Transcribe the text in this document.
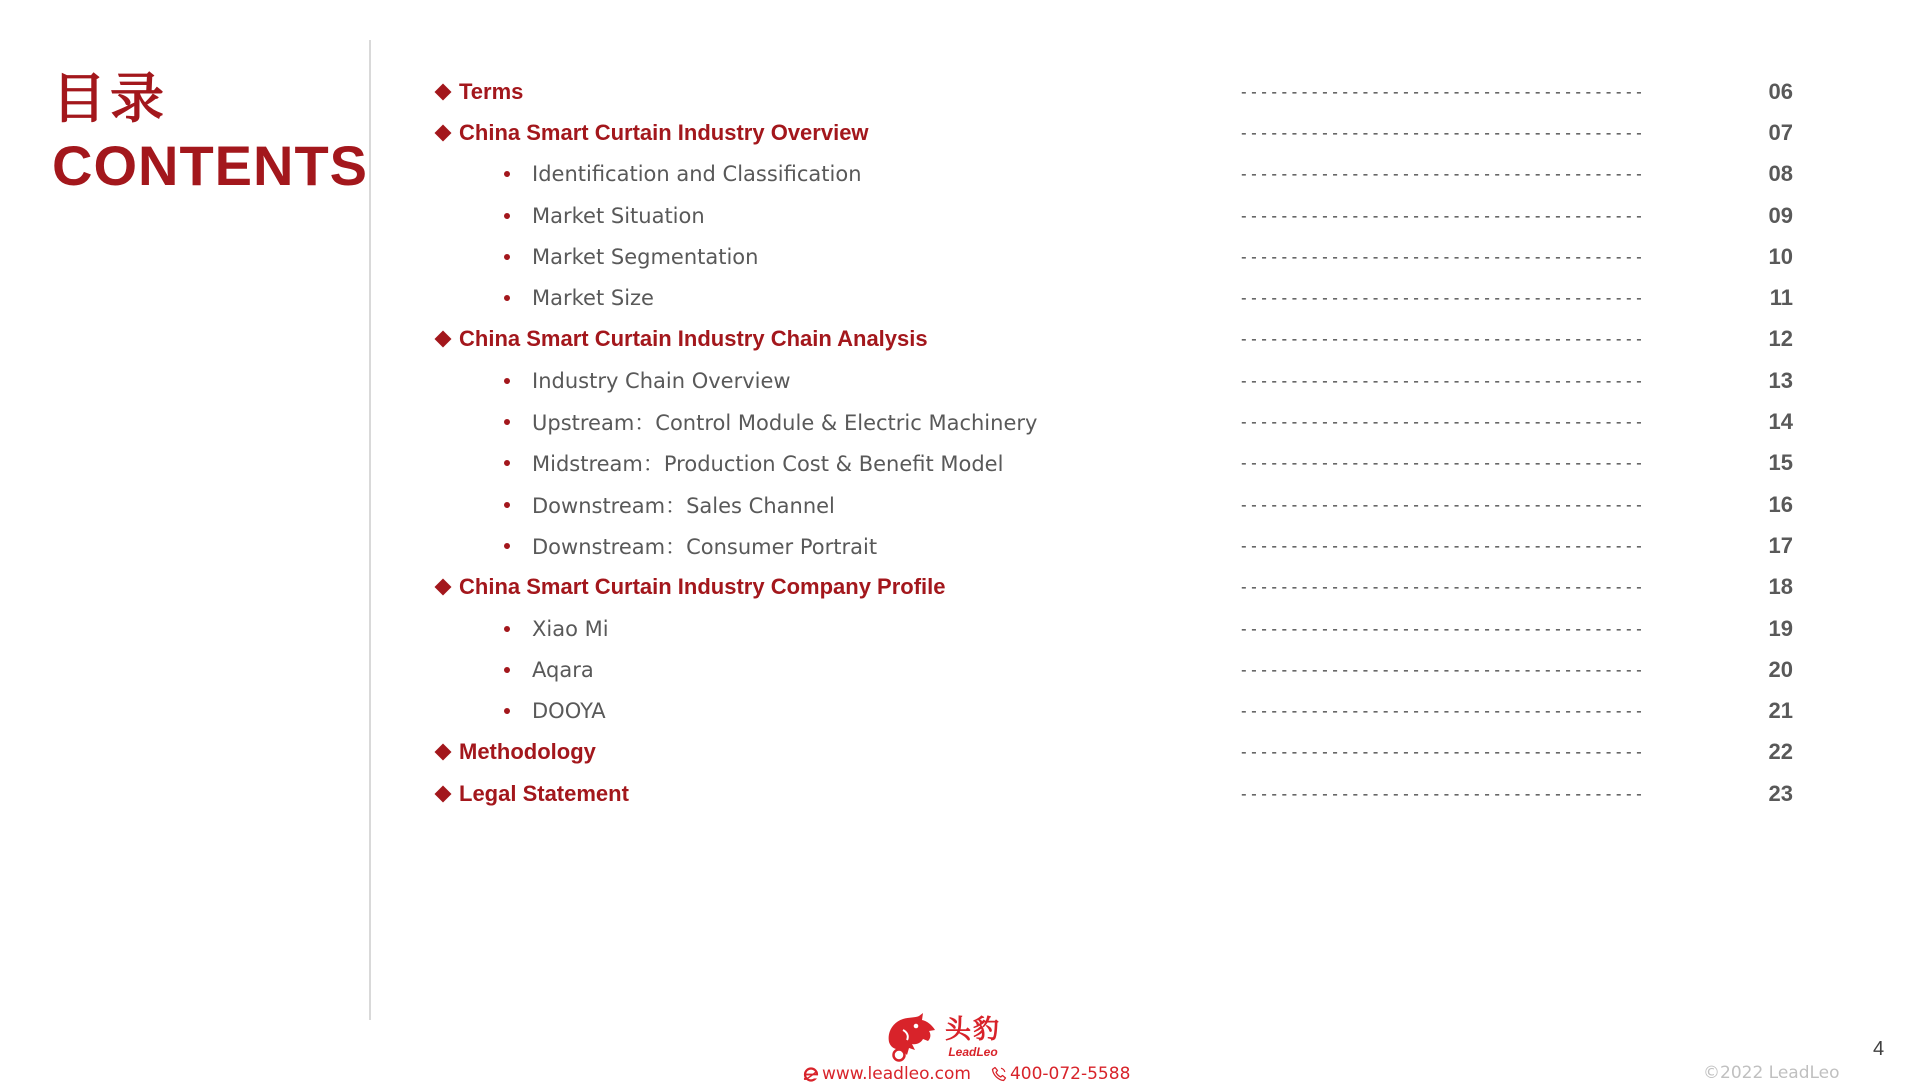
目录
CONTENTS
Terms	----------------------------------------	06
China Smart Curtain Industry Overview	----------------------------------------	07
Identification and Classification	----------------------------------------	08
Market Situation	----------------------------------------	09
Market Segmentation	----------------------------------------	10
Market Size	----------------------------------------	11
China Smart Curtain Industry Chain Analysis	----------------------------------------	12
Industry Chain Overview	----------------------------------------	13
Upstream：Control Module & Electric Machinery	----------------------------------------	14
Midstream：Production Cost & Benefit Model	----------------------------------------	15
Downstream：Sales Channel	----------------------------------------	16
Downstream：Consumer Portrait	----------------------------------------	17
China Smart Curtain Industry Company Profile	----------------------------------------	18
Xiao Mi	----------------------------------------	19
Aqara	----------------------------------------	20
DOOYA	----------------------------------------	21
Methodology	----------------------------------------	22
Legal Statement	----------------------------------------	23
头豹
LeadLeo
www.leadleo.com 400-072-5588	©2022 LeadLeo
4
